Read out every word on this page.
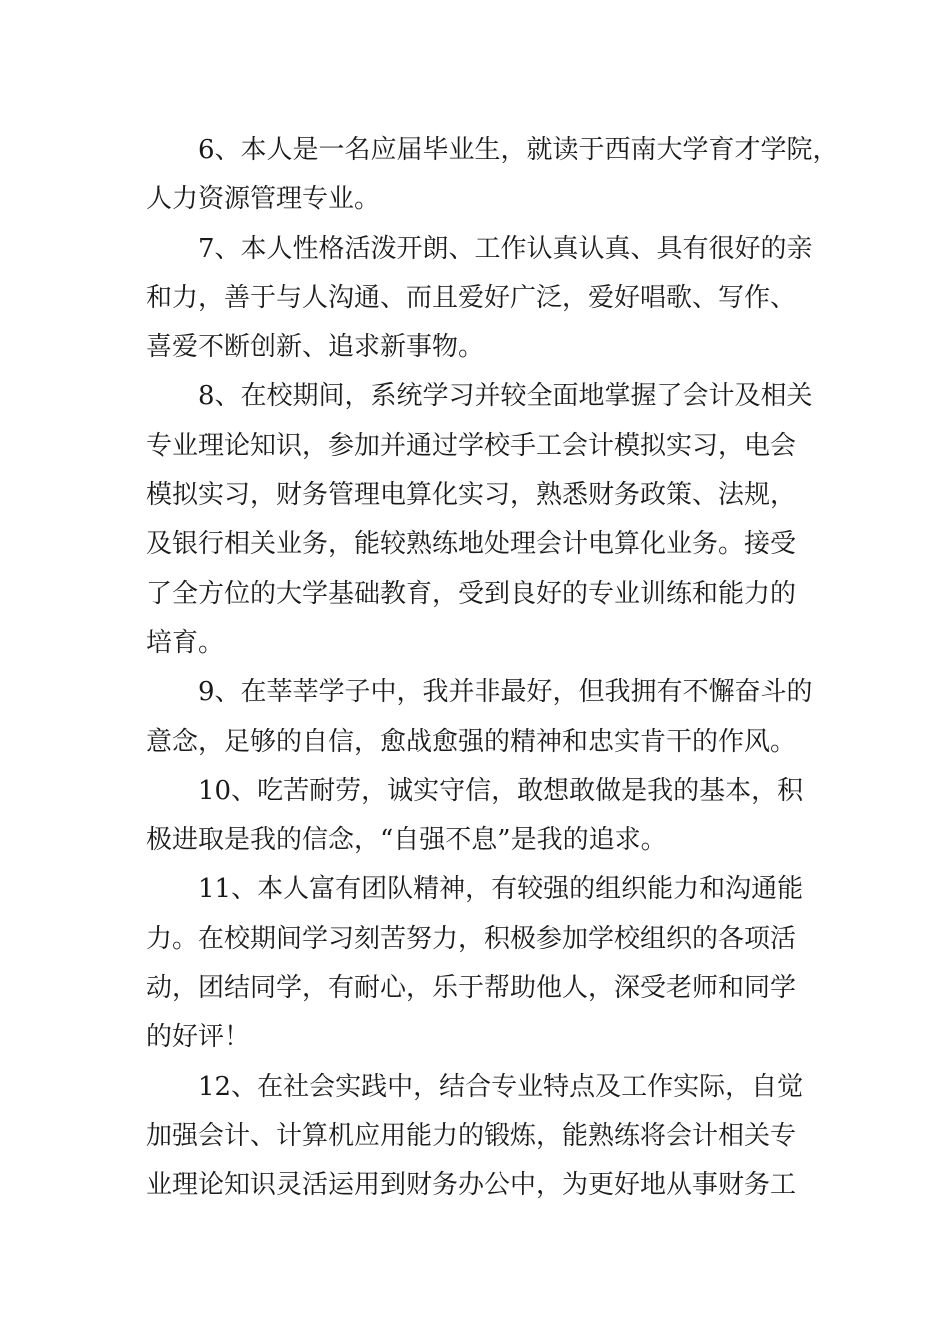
6、本人是一名应届毕业生，就读于西南大学育才学院，
人力资源管理专业。

7、本人性格活泼开朗、工作认真认真、具有很好的亲
和力，善于与人沟通、而且爱好广泛，爱好唱歌、写作、
喜爱不断创新、追求新事物。

8、在校期间，系统学习并较全面地掌握了会计及相关
专业理论知识，参加并通过学校手工会计模拟实习，电会
模拟实习，财务管理电算化实习，熟悉财务政策、法规，
及银行相关业务，能较熟练地处理会计电算化业务。接受
了全方位的大学基础教育，受到良好的专业训练和能力的
培育。

9、在莘莘学子中，我并非最好，但我拥有不懈奋斗的
意念，足够的自信，愈战愈强的精神和忠实肯干的作风。

10、吃苦耐劳，诚实守信，敢想敢做是我的基本，积
极进取是我的信念，“自强不息”是我的追求。

11、本人富有团队精神，有较强的组织能力和沟通能
力。在校期间学习刻苦努力，积极参加学校组织的各项活
动，团结同学，有耐心，乐于帮助他人，深受老师和同学
的好评！

12、在社会实践中，结合专业特点及工作实际，自觉
加强会计、计算机应用能力的锻炼，能熟练将会计相关专
业理论知识灵活运用到财务办公中，为更好地从事财务工
